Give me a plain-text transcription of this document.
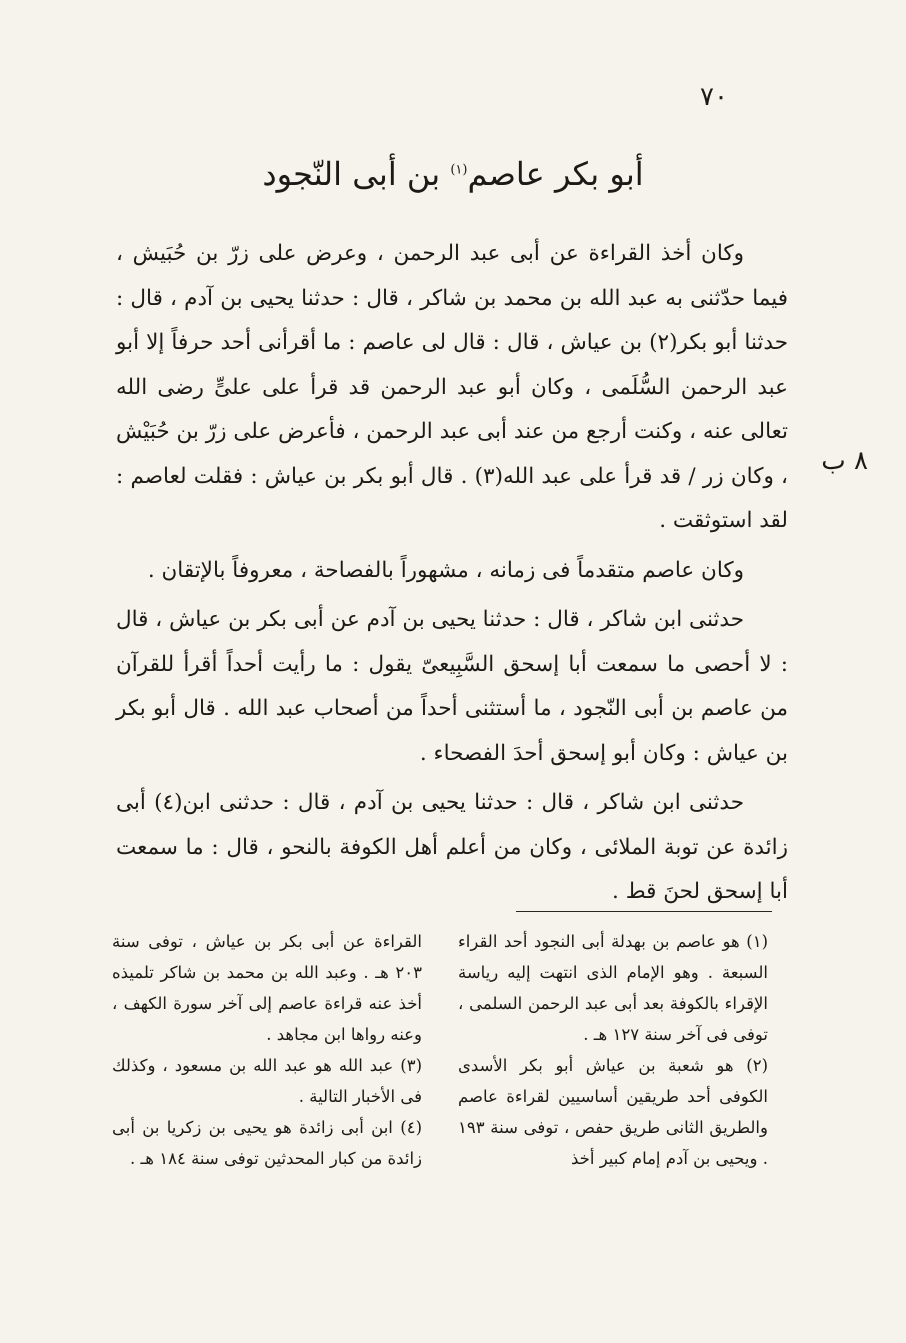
٧٠
أبو بكر عاصم$^{(١)}$ بن أبى النّجود
٨ ب

وكان أخذ القراءة عن أبى عبد الرحمن ، وعرض على زرّ بن حُبَيش ، فيما حدّثنى به عبد الله بن محمد بن شاكر ، قال : حدثنا يحيى بن آدم ، قال : حدثنا أبو بكر(٢) بن عياش ، قال : قال لى عاصم : ما أقرأنى أحد حرفاً إلا أبو عبد الرحمن السُّلَمى ، وكان أبو عبد الرحمن قد قرأ على علىٍّ رضى الله تعالى عنه ، وكنت أرجع من عند أبى عبد الرحمن ، فأعرض على زرّ بن حُبَيْش ، وكان زر / قد قرأ على عبد الله(٣) . قال أبو بكر بن عياش : فقلت لعاصم : لقد استوثقت .

وكان عاصم متقدماً فى زمانه ، مشهوراً بالفصاحة ، معروفاً بالإتقان .

حدثنى ابن شاكر ، قال : حدثنا يحيى بن آدم عن أبى بكر بن عياش ، قال : لا أحصى ما سمعت أبا إسحق السَّبِيعىّ يقول : ما رأيت أحداً أقرأ للقرآن من عاصم بن أبى النّجود ، ما أستثنى أحداً من أصحاب عبد الله . قال أبو بكر بن عياش : وكان أبو إسحق أحدَ الفصحاء .

حدثنى ابن شاكر ، قال : حدثنا يحيى بن آدم ، قال : حدثنى ابن(٤) أبى زائدة عن توبة الملائى ، وكان من أعلم أهل الكوفة بالنحو ، قال : ما سمعت أبا إسحق لحنَ قط .

(١) هو عاصم بن بهدلة أبى النجود أحد القراء السبعة . وهو الإمام الذى انتهت إليه رياسة الإقراء بالكوفة بعد أبى عبد الرحمن السلمى ، توفى فى آخر سنة ١٢٧ هـ .

(٢) هو شعبة بن عياش أبو بكر الأسدى الكوفى أحد طريقين أساسيين لقراءة عاصم والطريق الثانى طريق حفص ، توفى سنة ١٩٣ . ويحيى بن آدم إمام كبير أخذ

القراءة عن أبى بكر بن عياش ، توفى سنة ٢٠٣ هـ . وعبد الله بن محمد بن شاكر تلميذه أخذ عنه قراءة عاصم إلى آخر سورة الكهف ، وعنه رواها ابن مجاهد .

(٣) عبد الله هو عبد الله بن مسعود ، وكذلك فى الأخبار التالية .

(٤) ابن أبى زائدة هو يحيى بن زكريا بن أبى زائدة من كبار المحدثين توفى سنة ١٨٤ هـ .
